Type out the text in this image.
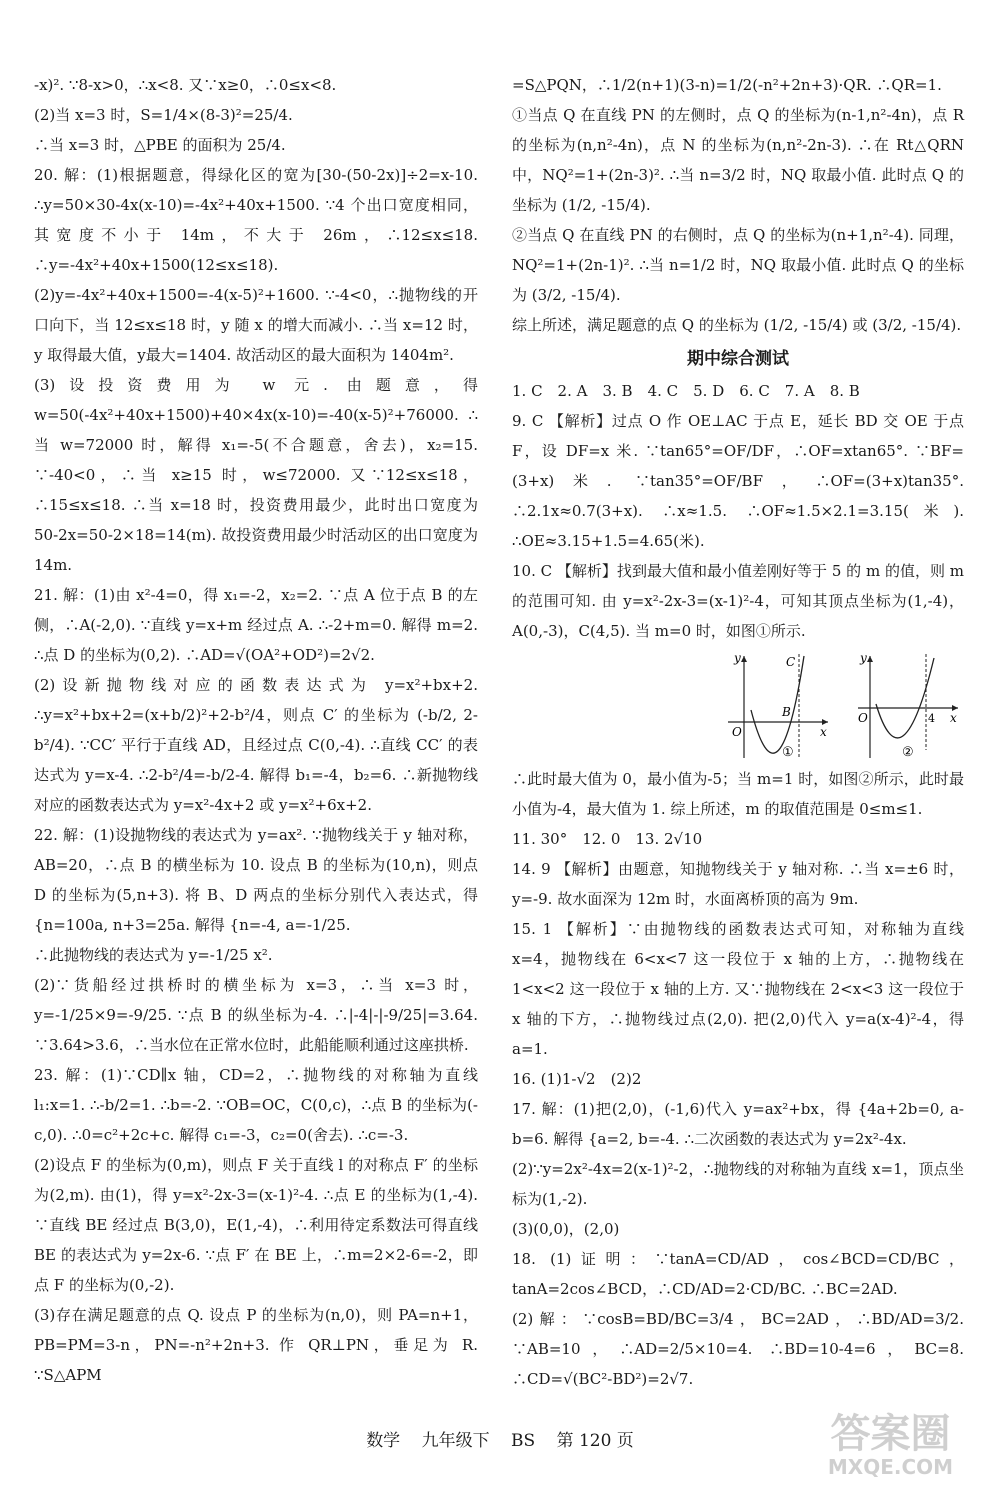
-x)². ∵8-x>0，∴x<8. 又∵x≥0，∴0≤x<8.

(2)当 x=3 时，S=1/4×(8-3)²=25/4.

∴当 x=3 时，△PBE 的面积为 25/4.

20. 解：(1)根据题意，得绿化区的宽为[30-(50-2x)]÷2=x-10. ∴y=50×30-4x(x-10)=-4x²+40x+1500. ∵4 个出口宽度相同，其宽度不小于 14m，不大于 26m，∴12≤x≤18. ∴y=-4x²+40x+1500(12≤x≤18).

(2)y=-4x²+40x+1500=-4(x-5)²+1600. ∵-4<0，∴抛物线的开口向下，当 12≤x≤18 时，y 随 x 的增大而减小. ∴当 x=12 时，y 取得最大值，y最大=1404. 故活动区的最大面积为 1404m².

(3)设投资费用为 w 元. 由题意，得 w=50(-4x²+40x+1500)+40×4x(x-10)=-40(x-5)²+76000. ∴当 w=72000 时，解得 x₁=-5(不合题意，舍去)，x₂=15. ∵-40<0，∴当 x≥15 时，w≤72000. 又∵12≤x≤18，∴15≤x≤18. ∴当 x=18 时，投资费用最少，此时出口宽度为 50-2x=50-2×18=14(m). 故投资费用最少时活动区的出口宽度为 14m.

21. 解：(1)由 x²-4=0，得 x₁=-2，x₂=2. ∵点 A 位于点 B 的左侧，∴A(-2,0). ∵直线 y=x+m 经过点 A. ∴-2+m=0. 解得 m=2. ∴点 D 的坐标为(0,2). ∴AD=√(OA²+OD²)=2√2.

(2)设新抛物线对应的函数表达式为 y=x²+bx+2. ∴y=x²+bx+2=(x+b/2)²+2-b²/4，则点 C′ 的坐标为 (-b/2, 2-b²/4). ∵CC′ 平行于直线 AD，且经过点 C(0,-4). ∴直线 CC′ 的表达式为 y=x-4. ∴2-b²/4=-b/2-4. 解得 b₁=-4，b₂=6. ∴新抛物线对应的函数表达式为 y=x²-4x+2 或 y=x²+6x+2.

22. 解：(1)设抛物线的表达式为 y=ax². ∵抛物线关于 y 轴对称，AB=20，∴点 B 的横坐标为 10. 设点 B 的坐标为(10,n)，则点 D 的坐标为(5,n+3). 将 B、D 两点的坐标分别代入表达式，得 {n=100a, n+3=25a. 解得 {n=-4, a=-1/25.

∴此抛物线的表达式为 y=-1/25 x².

(2)∵货船经过拱桥时的横坐标为 x=3，∴当 x=3 时，y=-1/25×9=-9/25. ∵点 B 的纵坐标为-4. ∴|-4|-|-9/25|=3.64. ∵3.64>3.6，∴当水位在正常水位时，此船能顺利通过这座拱桥.

23. 解：(1)∵CD∥x 轴，CD=2，∴抛物线的对称轴为直线 l₁:x=1. ∴-b/2=1. ∴b=-2. ∵OB=OC，C(0,c)，∴点 B 的坐标为(-c,0). ∴0=c²+2c+c. 解得 c₁=-3，c₂=0(舍去). ∴c=-3.

(2)设点 F 的坐标为(0,m)，则点 F 关于直线 l 的对称点 F′ 的坐标为(2,m). 由(1)，得 y=x²-2x-3=(x-1)²-4. ∴点 E 的坐标为(1,-4). ∵直线 BE 经过点 B(3,0)，E(1,-4)，∴利用待定系数法可得直线 BE 的表达式为 y=2x-6. ∵点 F′ 在 BE 上，∴m=2×2-6=-2，即点 F 的坐标为(0,-2).

(3)存在满足题意的点 Q. 设点 P 的坐标为(n,0)，则 PA=n+1，PB=PM=3-n，PN=-n²+2n+3. 作 QR⊥PN，垂足为 R. ∵S△APM

=S△PQN，∴1/2(n+1)(3-n)=1/2(-n²+2n+3)·QR. ∴QR=1.

①当点 Q 在直线 PN 的左侧时，点 Q 的坐标为(n-1,n²-4n)，点 R 的坐标为(n,n²-4n)，点 N 的坐标为(n,n²-2n-3). ∴在 Rt△QRN 中，NQ²=1+(2n-3)². ∴当 n=3/2 时，NQ 取最小值. 此时点 Q 的坐标为 (1/2, -15/4).

②当点 Q 在直线 PN 的右侧时，点 Q 的坐标为(n+1,n²-4). 同理，NQ²=1+(2n-1)². ∴当 n=1/2 时，NQ 取最小值. 此时点 Q 的坐标为 (3/2, -15/4).

综上所述，满足题意的点 Q 的坐标为 (1/2, -15/4) 或 (3/2, -15/4).

期中综合测试

1. C　2. A　3. B　4. C　5. D　6. C　7. A　8. B

9. C 【解析】过点 O 作 OE⊥AC 于点 E，延长 BD 交 OE 于点 F，设 DF=x 米. ∵tan65°=OF/DF，∴OF=xtan65°. ∵BF=(3+x)米. ∵tan35°=OF/BF，∴OF=(3+x)tan35°. ∴2.1x≈0.7(3+x). ∴x≈1.5. ∴OF≈1.5×2.1=3.15(米). ∴OE≈3.15+1.5=4.65(米).

10. C 【解析】找到最大值和最小值差刚好等于 5 的 m 的值，则 m 的范围可知. 由 y=x²-2x-3=(x-1)²-4，可知其顶点坐标为(1,-4)，A(0,-3)，C(4,5). 当 m=0 时，如图①所示.

y
x
O
C
B
①
y
x
O	4
②

∴此时最大值为 0，最小值为-5；当 m=1 时，如图②所示，此时最小值为-4，最大值为 1. 综上所述，m 的取值范围是 0≤m≤1.

11. 30°　12. 0　13. 2√10

14. 9 【解析】由题意，知抛物线关于 y 轴对称. ∴当 x=±6 时，y=-9. 故水面深为 12m 时，水面离桥顶的高为 9m.

15. 1 【解析】∵由抛物线的函数表达式可知，对称轴为直线 x=4，抛物线在 6<x<7 这一段位于 x 轴的上方，∴抛物线在 1<x<2 这一段位于 x 轴的上方. 又∵抛物线在 2<x<3 这一段位于 x 轴的下方，∴抛物线过点(2,0). 把(2,0)代入 y=a(x-4)²-4，得 a=1.

16. (1)1-√2　(2)2

17. 解：(1)把(2,0)，(-1,6)代入 y=ax²+bx，得 {4a+2b=0, a-b=6. 解得 {a=2, b=-4. ∴二次函数的表达式为 y=2x²-4x.

(2)∵y=2x²-4x=2(x-1)²-2，∴抛物线的对称轴为直线 x=1，顶点坐标为(1,-2).

(3)(0,0)，(2,0)

18. (1)证明：∵tanA=CD/AD，cos∠BCD=CD/BC，tanA=2cos∠BCD，∴CD/AD=2·CD/BC. ∴BC=2AD.

(2)解：∵cosB=BD/BC=3/4，BC=2AD，∴BD/AD=3/2. ∵AB=10，∴AD=2/5×10=4. ∴BD=10-4=6，BC=8. ∴CD=√(BC²-BD²)=2√7.

数学 九年级下 BS 第 120 页	答案圈
MXQE.COM
